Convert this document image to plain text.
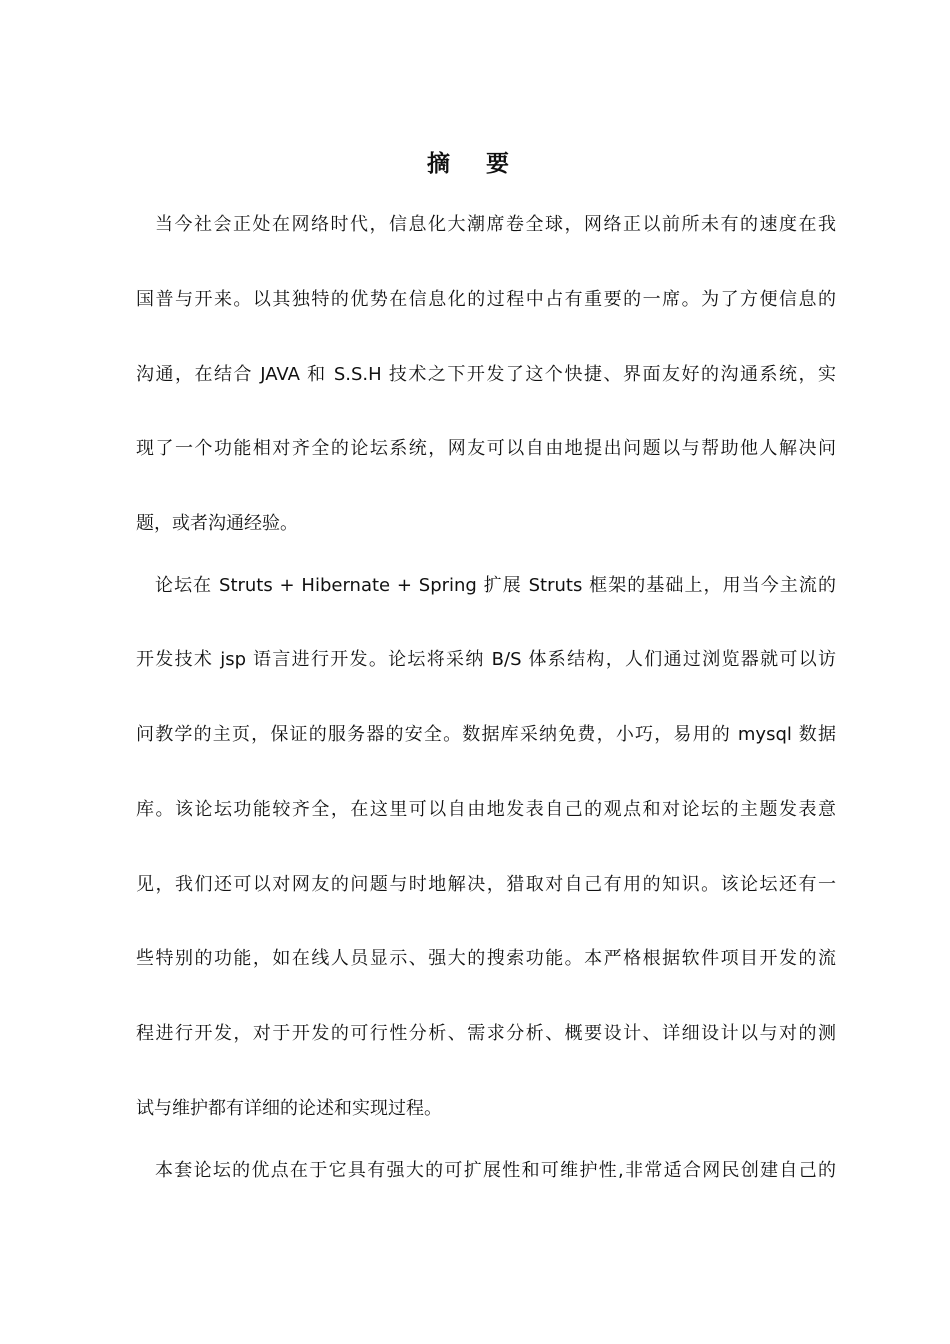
摘 要
当今社会正处在网络时代，信息化大潮席卷全球，网络正以前所未有的速度在我
国普与开来。以其独特的优势在信息化的过程中占有重要的一席。为了方便信息的
沟通，在结合 JAVA 和 S.S.H 技术之下开发了这个快捷、界面友好的沟通系统，实
现了一个功能相对齐全的论坛系统，网友可以自由地提出问题以与帮助他人解决问
题，或者沟通经验。
论坛在 Struts + Hibernate + Spring 扩展 Struts 框架的基础上，用当今主流的
开发技术 jsp 语言进行开发。论坛将采纳 B/S 体系结构，人们通过浏览器就可以访
问教学的主页，保证的服务器的安全。数据库采纳免费，小巧，易用的 mysql 数据
库。该论坛功能较齐全，在这里可以自由地发表自己的观点和对论坛的主题发表意
见，我们还可以对网友的问题与时地解决，猎取对自己有用的知识。该论坛还有一
些特别的功能，如在线人员显示、强大的搜索功能。本严格根据软件项目开发的流
程进行开发，对于开发的可行性分析、需求分析、概要设计、详细设计以与对的测
试与维护都有详细的论述和实现过程。
本套论坛的优点在于它具有强大的可扩展性和可维护性,非常适合网民创建自己的
